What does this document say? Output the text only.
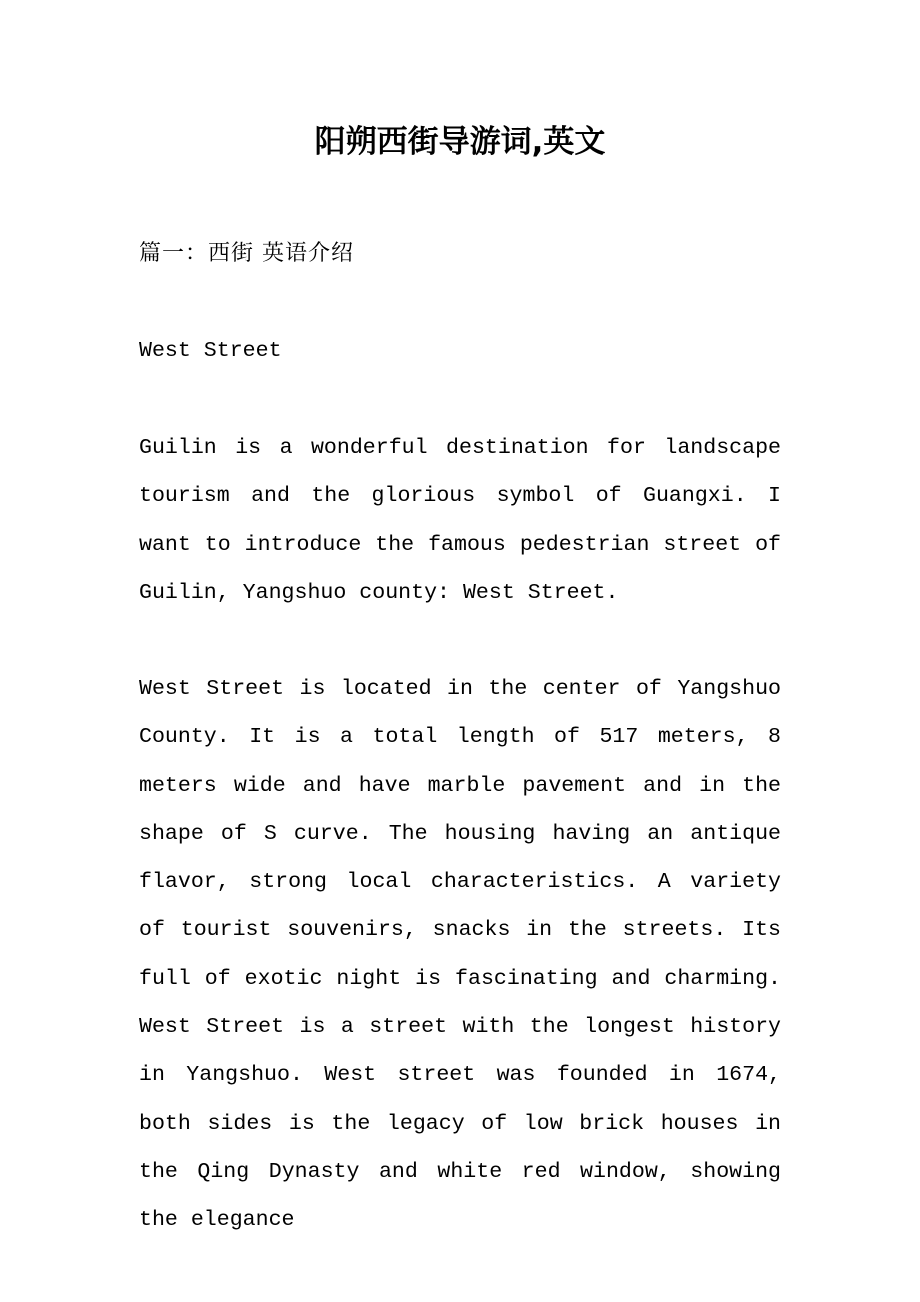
阳朔西街导游词,英文

篇一：西街 英语介绍

West Street

Guilin is a wonderful destination for landscape tourism and the glorious symbol of Guangxi. I want to introduce the famous pedestrian street of Guilin, Yangshuo county: West Street.

West Street is located in the center of Yangshuo County. It is a total length of 517 meters, 8 meters wide and have marble pavement and in the shape of S curve. The housing having an antique flavor, strong local characteristics. A variety of tourist souvenirs, snacks in the streets. Its full of exotic night is fascinating and charming. West Street is a street with the longest history in Yangshuo. West street was founded in 1674, both sides is the legacy of low brick houses in the Qing Dynasty and white red window, showing the elegance
